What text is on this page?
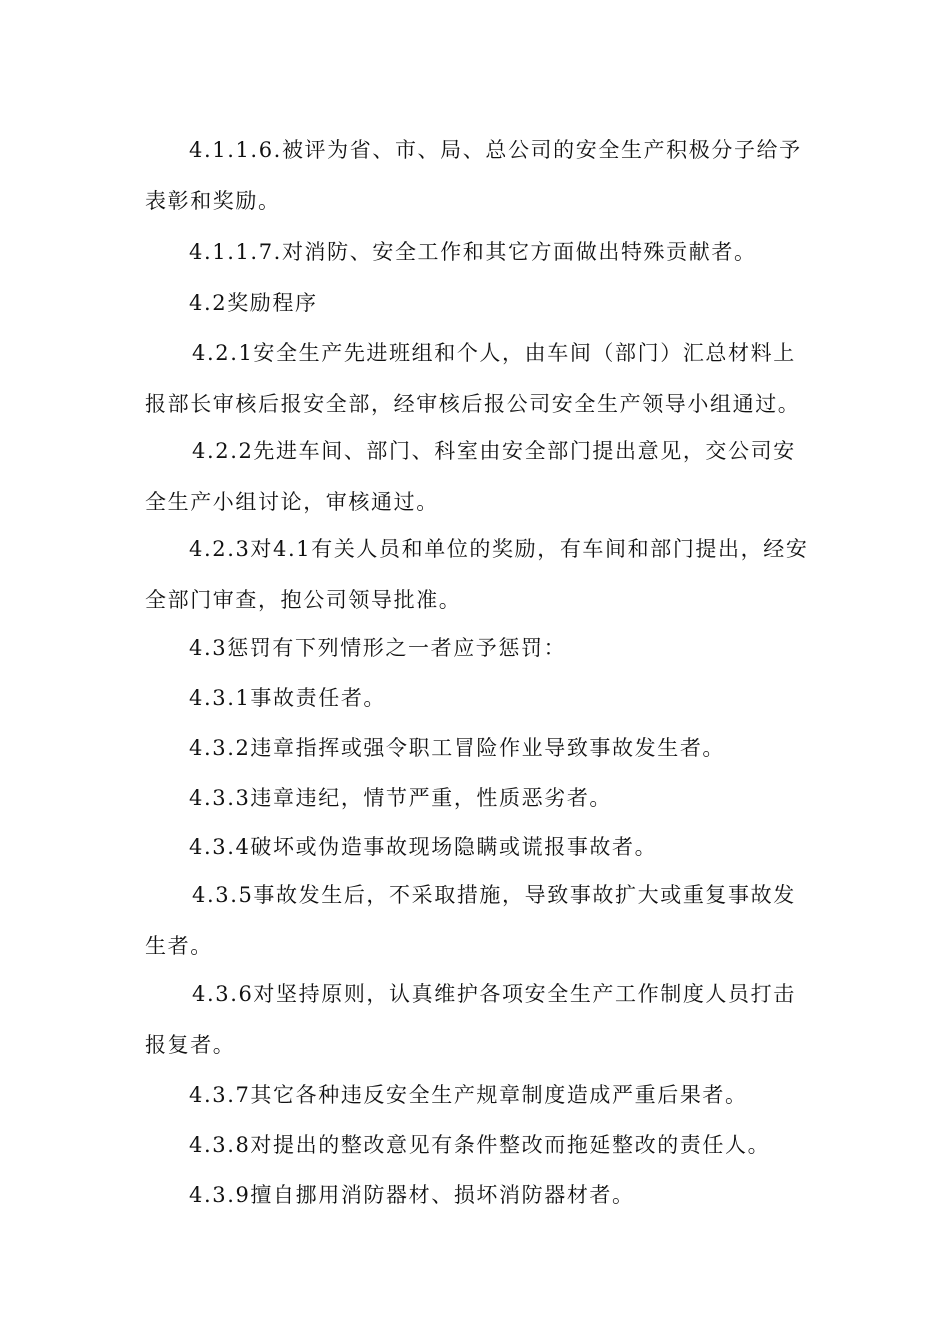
4.1.1.6.被评为省、市、局、总公司的安全生产积极分子给予表彰和奖励。

4.1.1.7.对消防、安全工作和其它方面做出特殊贡献者。

4.2奖励程序

4.2.1安全生产先进班组和个人，由车间（部门）汇总材料上报部长审核后报安全部，经审核后报公司安全生产领导小组通过。

4.2.2先进车间、部门、科室由安全部门提出意见，交公司安全生产小组讨论，审核通过。

4.2.3对4.1有关人员和单位的奖励，有车间和部门提出，经安全部门审查，抱公司领导批准。

4.3惩罚有下列情形之一者应予惩罚：

4.3.1事故责任者。

4.3.2违章指挥或强令职工冒险作业导致事故发生者。

4.3.3违章违纪，情节严重，性质恶劣者。

4.3.4破坏或伪造事故现场隐瞒或谎报事故者。

4.3.5事故发生后，不采取措施，导致事故扩大或重复事故发生者。

4.3.6对坚持原则，认真维护各项安全生产工作制度人员打击报复者。

4.3.7其它各种违反安全生产规章制度造成严重后果者。

4.3.8对提出的整改意见有条件整改而拖延整改的责任人。

4.3.9擅自挪用消防器材、损坏消防器材者。
